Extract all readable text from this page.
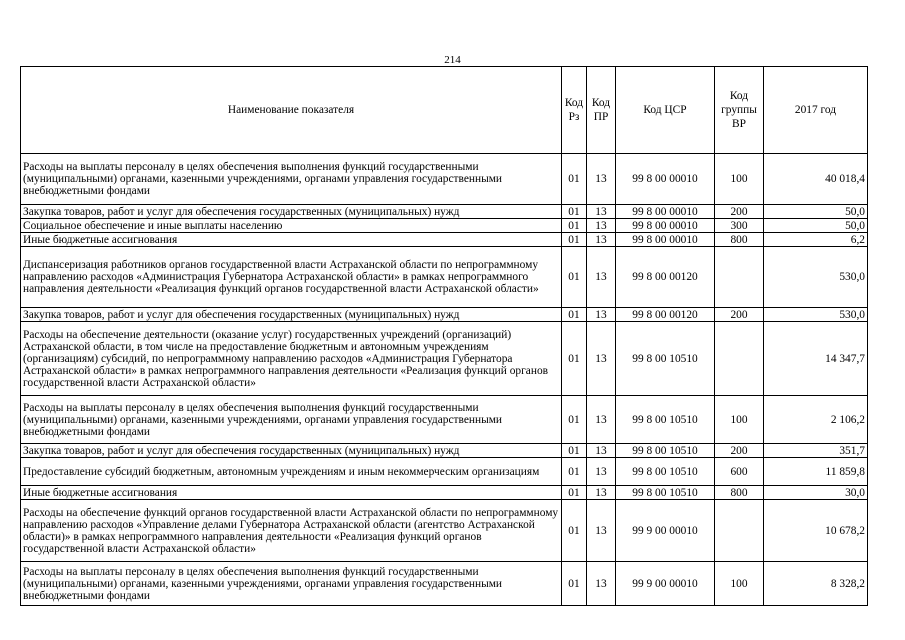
214
Наименование показателя	Код Рз	Код ПР	Код ЦСР	Код группы ВР	2017 год
Расходы на выплаты персоналу в целях обеспечения выполнения функций государственными (муниципальными) органами, казенными учреждениями, органами управления государственными внебюджетными фондами	01	13	99 8 00 00010	100	40 018,4
Закупка товаров, работ и услуг для обеспечения государственных (муниципальных) нужд	01	13	99 8 00 00010	200	50,0
Социальное обеспечение и иные выплаты населению	01	13	99 8 00 00010	300	50,0
Иные бюджетные ассигнования	01	13	99 8 00 00010	800	6,2
Диспансеризация работников органов государственной власти Астраханской области по непрограммному направлению расходов «Администрация Губернатора Астраханской области» в рамках непрограммного направления деятельности «Реализация функций органов государственной власти Астраханской области»	01	13	99 8 00 00120		530,0
Закупка товаров, работ и услуг для обеспечения государственных (муниципальных) нужд	01	13	99 8 00 00120	200	530,0
Расходы на обеспечение деятельности (оказание услуг) государственных учреждений (организаций) Астраханской области, в том числе на предоставление бюджетным и автономным учреждениям (организациям) субсидий, по непрограммному направлению расходов «Администрация Губернатора Астраханской области» в рамках непрограммного направления деятельности «Реализация функций органов государственной власти Астраханской области»	01	13	99 8 00 10510		14 347,7
Расходы на выплаты персоналу в целях обеспечения выполнения функций государственными (муниципальными) органами, казенными учреждениями, органами управления государственными внебюджетными фондами	01	13	99 8 00 10510	100	2 106,2
Закупка товаров, работ и услуг для обеспечения государственных (муниципальных) нужд	01	13	99 8 00 10510	200	351,7
Предоставление субсидий бюджетным, автономным учреждениям и иным некоммерческим организациям	01	13	99 8 00 10510	600	11 859,8
Иные бюджетные ассигнования	01	13	99 8 00 10510	800	30,0
Расходы на обеспечение функций органов государственной власти Астраханской области по непрограммному направлению расходов «Управление делами Губернатора Астраханской области (агентство Астраханской области)» в рамках непрограммного направления деятельности «Реализация функций органов государственной власти Астраханской области»	01	13	99 9 00 00010		10 678,2
Расходы на выплаты персоналу в целях обеспечения выполнения функций государственными (муниципальными) органами, казенными учреждениями, органами управления государственными внебюджетными фондами	01	13	99 9 00 00010	100	8 328,2
